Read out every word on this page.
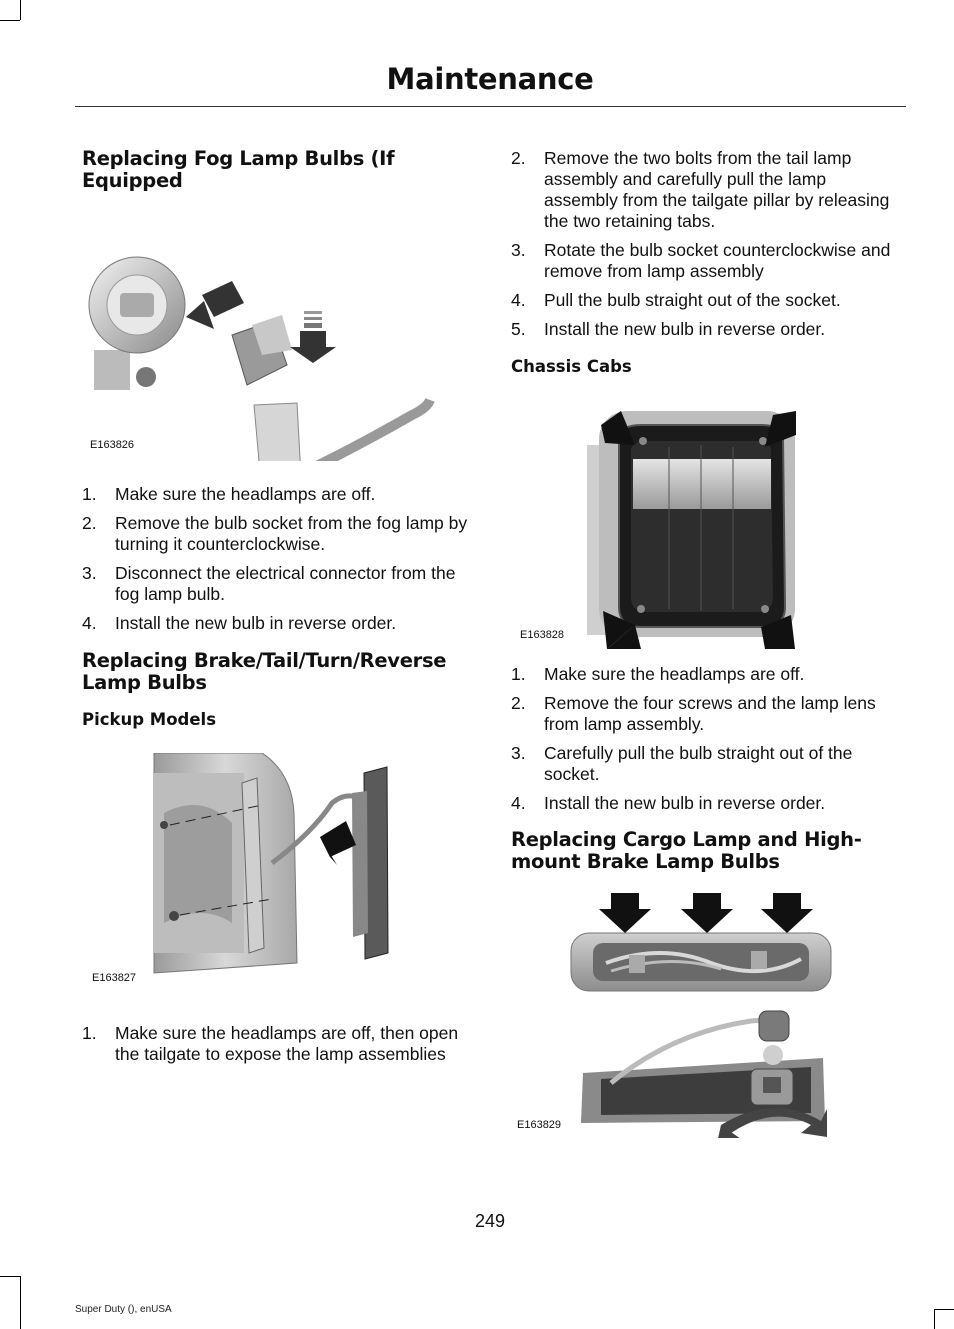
Maintenance
Replacing Fog Lamp Bulbs (If Equipped
E163826
1. Make sure the headlamps are off.
2. Remove the bulb socket from the fog lamp by turning it counterclockwise.
3. Disconnect the electrical connector from the fog lamp bulb.
4. Install the new bulb in reverse order.
Replacing Brake/Tail/Turn/Reverse Lamp Bulbs
Pickup Models
E163827
1. Make sure the headlamps are off, then open the tailgate to expose the lamp assemblies
2. Remove the two bolts from the tail lamp assembly and carefully pull the lamp assembly from the tailgate pillar by releasing the two retaining tabs.
3. Rotate the bulb socket counterclockwise and remove from lamp assembly
4. Pull the bulb straight out of the socket.
5. Install the new bulb in reverse order.
Chassis Cabs
E163828
1. Make sure the headlamps are off.
2. Remove the four screws and the lamp lens from lamp assembly.
3. Carefully pull the bulb straight out of the socket.
4. Install the new bulb in reverse order.
Replacing Cargo Lamp and High-mount Brake Lamp Bulbs
E163829
249
Super Duty (), enUSA
